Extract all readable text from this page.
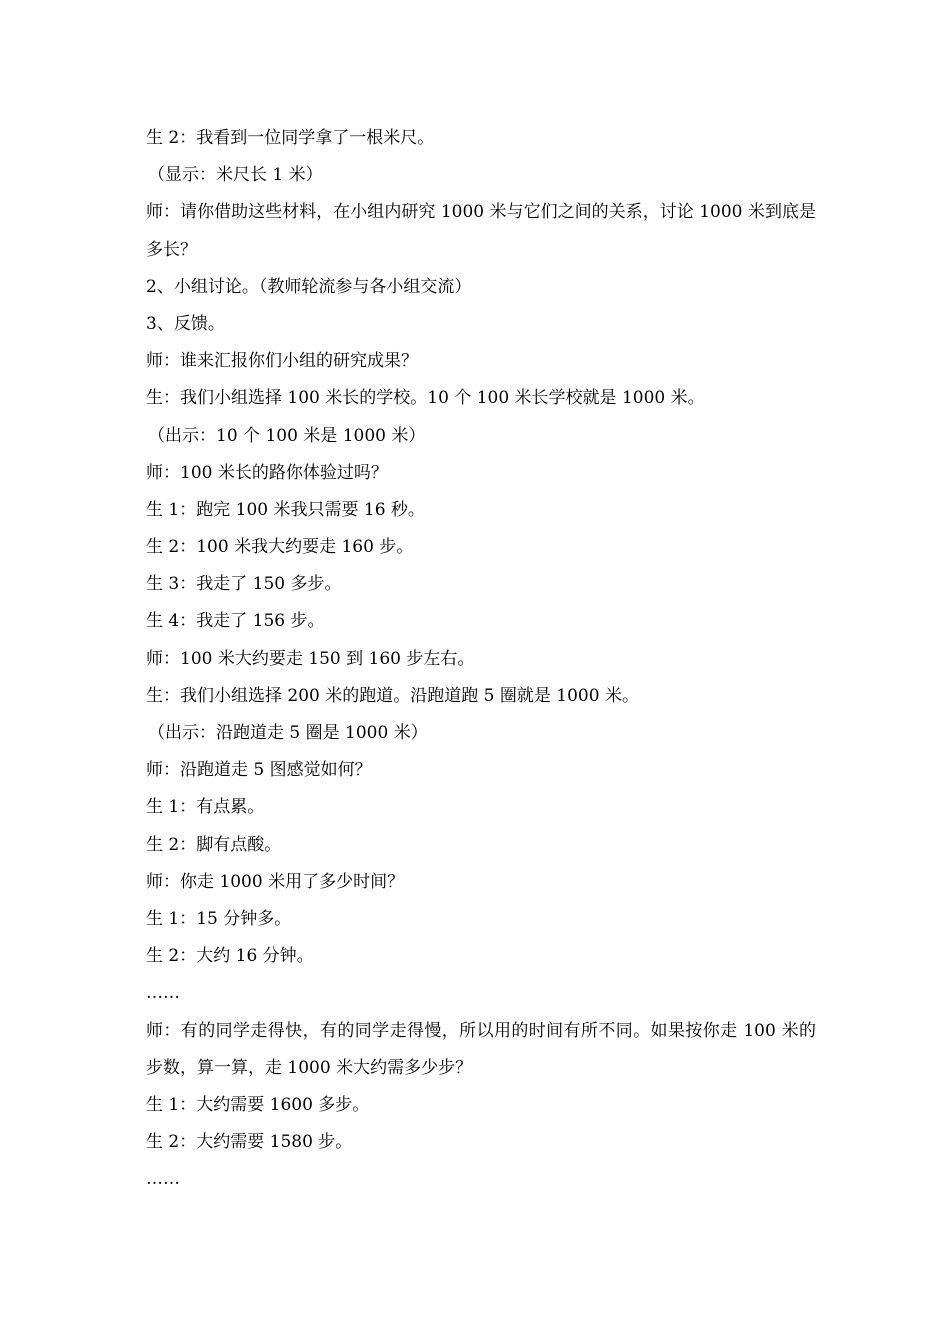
生 2：我看到一位同学拿了一根米尺。
（显示：米尺长 1 米）
师：请你借助这些材料，在小组内研究 1000 米与它们之间的关系，讨论 1000 米到底是多长？
2、小组讨论。（教师轮流参与各小组交流）
3、反馈。
师：谁来汇报你们小组的研究成果？
生：我们小组选择 100 米长的学校。10 个 100 米长学校就是 1000 米。
（出示：10 个 100 米是 1000 米）
师：100 米长的路你体验过吗？
生 1：跑完 100 米我只需要 16 秒。
生 2：100 米我大约要走 160 步。
生 3：我走了 150 多步。
生 4：我走了 156 步。
师：100 米大约要走 150 到 160 步左右。
生：我们小组选择 200 米的跑道。沿跑道跑 5 圈就是 1000 米。
（出示：沿跑道走 5 圈是 1000 米）
师：沿跑道走 5 图感觉如何？
生 1：有点累。
生 2：脚有点酸。
师：你走 1000 米用了多少时间？
生 1：15 分钟多。
生 2：大约 16 分钟。
……
师：有的同学走得快，有的同学走得慢，所以用的时间有所不同。如果按你走 100 米的步数，算一算，走 1000 米大约需多少步？
生 1：大约需要 1600 多步。
生 2：大约需要 1580 步。
……
